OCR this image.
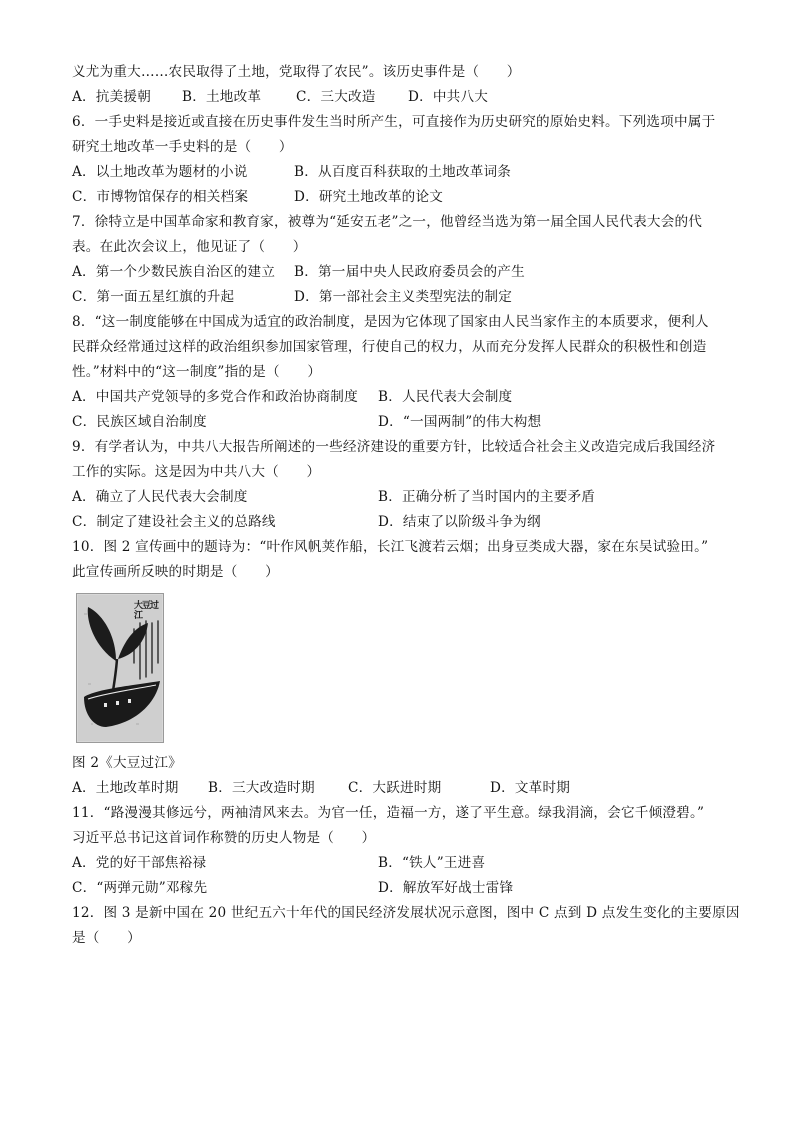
义尤为重大……农民取得了土地，党取得了农民”。该历史事件是（　　）
A．抗美援朝 B．土地改革	C．三大改造 D．中共八大
6．一手史料是接近或直接在历史事件发生当时所产生，可直接作为历史研究的原始史料。下列选项中属于
研究土地改革一手史料的是（　　）
A．以土地改革为题材的小说	B．从百度百科获取的土地改革词条
C．市博物馆保存的相关档案	D．研究土地改革的论文
7．徐特立是中国革命家和教育家，被尊为“延安五老”之一，他曾经当选为第一届全国人民代表大会的代
表。在此次会议上，他见证了（　　）
A．第一个少数民族自治区的建立 B．第一届中央人民政府委员会的产生
C．第一面五星红旗的升起	D．第一部社会主义类型宪法的制定
8．“这一制度能够在中国成为适宜的政治制度，是因为它体现了国家由人民当家作主的本质要求，便利人
民群众经常通过这样的政治组织参加国家管理，行使自己的权力，从而充分发挥人民群众的积极性和创造
性。”材料中的“这一制度”指的是（　　）
A．中国共产党领导的多党合作和政治协商制度 B．人民代表大会制度
C．民族区域自治制度	D．“一国两制”的伟大构想
9．有学者认为，中共八大报告所阐述的一些经济建设的重要方针，比较适合社会主义改造完成后我国经济
工作的实际。这是因为中共八大（　　）
A．确立了人民代表大会制度	B．正确分析了当时国内的主要矛盾
C．制定了建设社会主义的总路线	D．结束了以阶级斗争为纲
10．图 2 宣传画中的题诗为：“叶作风帆荚作船，长江飞渡若云烟；出身豆类成大器，家在东吴试验田。”
此宣传画所反映的时期是（　　）
大豆过江
图 2《大豆过江》
A．土地改革时期 B．三大改造时期 C．大跃进时期	D．文革时期
11．“路漫漫其修远兮，两袖清风来去。为官一任，造福一方，遂了平生意。绿我涓滴，会它千倾澄碧。”
习近平总书记这首词作称赞的历史人物是（　　）
A．党的好干部焦裕禄	B．“铁人”王进喜
C．“两弹元勋”邓稼先	D．解放军好战士雷锋
12．图 3 是新中国在 20 世纪五六十年代的国民经济发展状况示意图，图中 C 点到 D 点发生变化的主要原因
是（　　）
